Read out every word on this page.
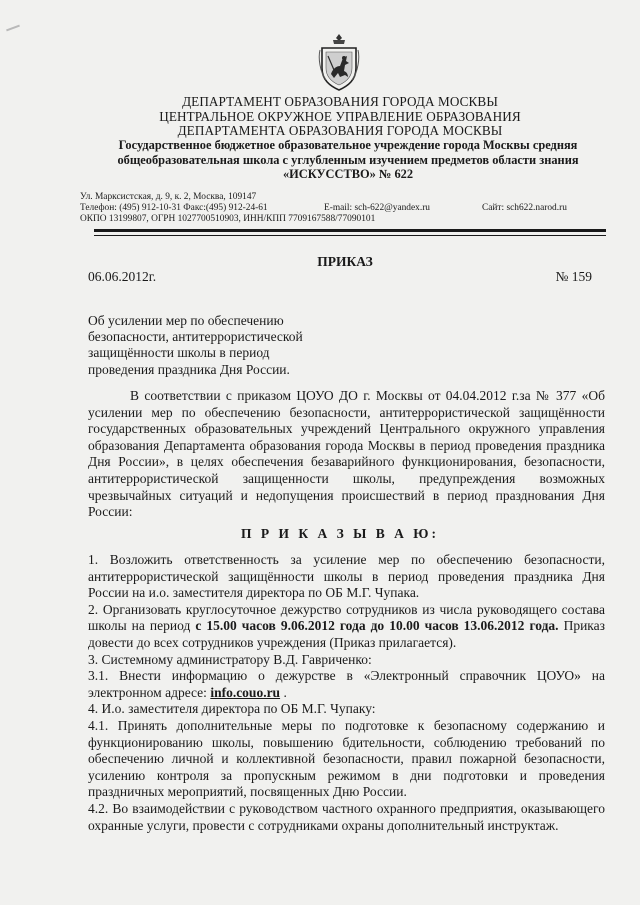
ДЕПАРТАМЕНТ ОБРАЗОВАНИЯ ГОРОДА МОСКВЫ
ЦЕНТРАЛЬНОЕ ОКРУЖНОЕ УПРАВЛЕНИЕ ОБРАЗОВАНИЯ
ДЕПАРТАМЕНТА ОБРАЗОВАНИЯ ГОРОДА МОСКВЫ
Государственное бюджетное образовательное учреждение города Москвы средняя
общеобразовательная школа с углубленным изучением предметов области знания
«ИСКУССТВО» № 622
Ул. Марксистская, д. 9, к. 2, Москва, 109147
Телефон: (495) 912-10-31 Факс:(495) 912-24-61	E-mail: sch-622@yandex.ru	Сайт: sch622.narod.ru
ОКПО 13199807, ОГРН 1027700510903, ИНН/КПП 7709167588/77090101
ПРИКАЗ
06.06.2012г.	№ 159
Об усилении мер по обеспечению
безопасности, антитеррористической
защищённости школы в период
проведения праздника Дня России.
В соответствии с приказом ЦОУО ДО г. Москвы от 04.04.2012 г.за № 377 «Об усилении мер по обеспечению безопасности, антитеррористической защищённости государственных образовательных учреждений Центрального окружного управления образования Департамента образования города Москвы в период проведения праздника Дня России», в целях обеспечения безаварийного функционирования, безопасности, антитеррористической защищенности школы, предупреждения возможных чрезвычайных ситуаций и недопущения происшествий в период празднования Дня России:
П Р И К А З Ы В А Ю:

1. Возложить ответственность за усиление мер по обеспечению безопасности, антитеррористической защищённости школы в период проведения праздника Дня России на и.о. заместителя директора по ОБ М.Г. Чупака.

2. Организовать круглосуточное дежурство сотрудников из числа руководящего состава школы на период с 15.00 часов 9.06.2012 года до 10.00 часов 13.06.2012 года. Приказ довести до всех сотрудников учреждения (Приказ прилагается).

3. Системному администратору В.Д. Гавриченко:

3.1. Внести информацию о дежурстве в «Электронный справочник ЦОУО» на электронном адресе: info.couo.ru .

4. И.о. заместителя директора по ОБ М.Г. Чупаку:

4.1. Принять дополнительные меры по подготовке к безопасному содержанию и функционированию школы, повышению бдительности, соблюдению требований по обеспечению личной и коллективной безопасности, правил пожарной безопасности, усилению контроля за пропускным режимом в дни подготовки и проведения праздничных мероприятий, посвященных Дню России.

4.2. Во взаимодействии с руководством частного охранного предприятия, оказывающего охранные услуги, провести с сотрудниками охраны дополнительный инструктаж.
